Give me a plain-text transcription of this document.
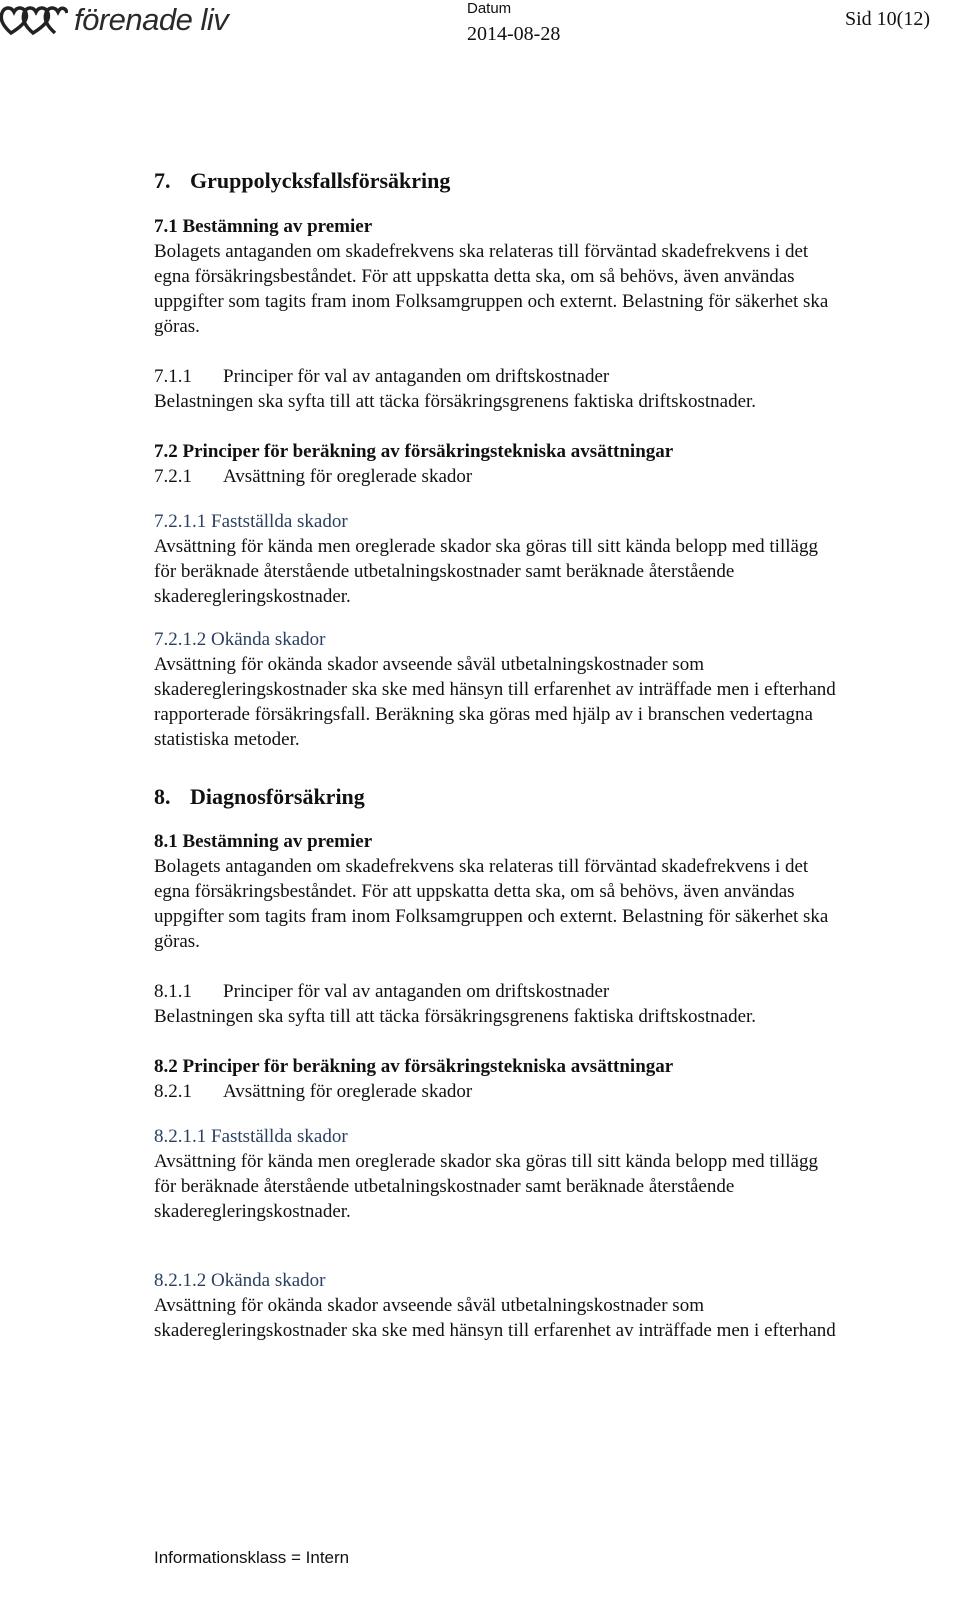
förenade liv	Datum
2014-08-28
Sid 10(12)
7. Gruppolycksfallsförsäkring
7.1 Bestämning av premier
Bolagets antaganden om skadefrekvens ska relateras till förväntad skadefrekvens i det
egna försäkringsbeståndet. För att uppskatta detta ska, om så behövs, även användas
uppgifter som tagits fram inom Folksamgruppen och externt. Belastning för säkerhet ska
göras.
7.1.1 Principer för val av antaganden om driftskostnader
Belastningen ska syfta till att täcka försäkringsgrenens faktiska driftskostnader.
7.2 Principer för beräkning av försäkringstekniska avsättningar
7.2.1 Avsättning för oreglerade skador
7.2.1.1 Fastställda skador
Avsättning för kända men oreglerade skador ska göras till sitt kända belopp med tillägg
för beräknade återstående utbetalningskostnader samt beräknade återstående
skaderegleringskostnader.
7.2.1.2 Okända skador
Avsättning för okända skador avseende såväl utbetalningskostnader som
skaderegleringskostnader ska ske med hänsyn till erfarenhet av inträffade men i efterhand
rapporterade försäkringsfall. Beräkning ska göras med hjälp av i branschen vedertagna
statistiska metoder.
8. Diagnosförsäkring
8.1 Bestämning av premier
Bolagets antaganden om skadefrekvens ska relateras till förväntad skadefrekvens i det
egna försäkringsbeståndet. För att uppskatta detta ska, om så behövs, även användas
uppgifter som tagits fram inom Folksamgruppen och externt. Belastning för säkerhet ska
göras.
8.1.1 Principer för val av antaganden om driftskostnader
Belastningen ska syfta till att täcka försäkringsgrenens faktiska driftskostnader.
8.2 Principer för beräkning av försäkringstekniska avsättningar
8.2.1 Avsättning för oreglerade skador
8.2.1.1 Fastställda skador
Avsättning för kända men oreglerade skador ska göras till sitt kända belopp med tillägg
för beräknade återstående utbetalningskostnader samt beräknade återstående
skaderegleringskostnader.
8.2.1.2 Okända skador
Avsättning för okända skador avseende såväl utbetalningskostnader som
skaderegleringskostnader ska ske med hänsyn till erfarenhet av inträffade men i efterhand
Informationsklass = Intern
